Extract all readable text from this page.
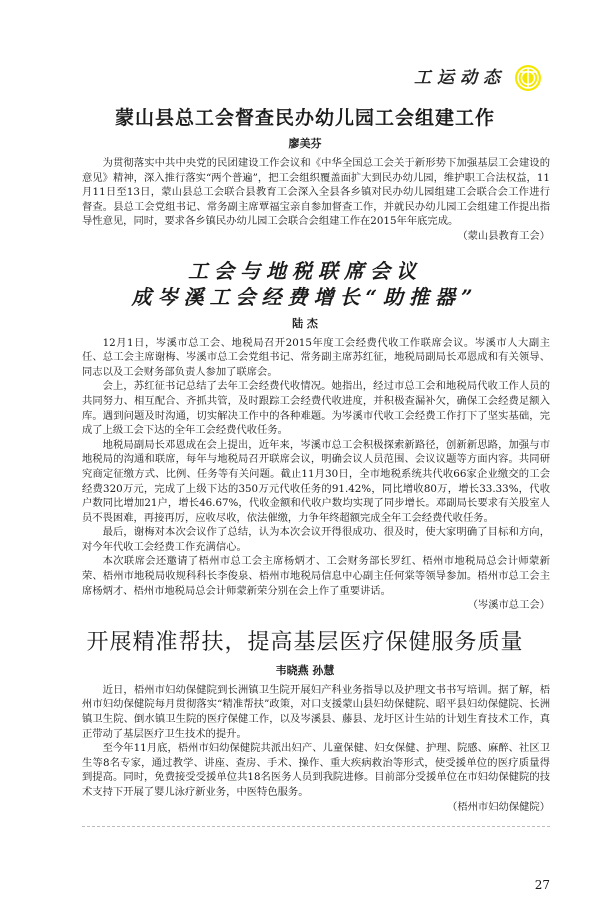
工运动态
蒙山县总工会督查民办幼儿园工会组建工作
廖美芬

为贯彻落实中共中央党的民团建设工作会议和《中华全国总工会关于新形势下加强基层工会建设的意见》精神，深入推行落实“两个普遍”，把工会组织覆盖面扩大到民办幼儿园，维护职工合法权益，11月11日至13日，蒙山县总工会联合县教育工会深入全县各乡镇对民办幼儿园组建工会联合会工作进行督查。县总工会党组书记、常务副主席覃福宝亲自参加督查工作，并就民办幼儿园工会组建工作提出指导性意见，同时，要求各乡镇民办幼儿园工会联合会组建工作在2015年年底完成。

（蒙山县教育工会）
工会与地税联席会议
成岑溪工会经费增长“助推器”
陆 杰

12月1日，岑溪市总工会、地税局召开2015年度工会经费代收工作联席会议。岑溪市人大副主任、总工会主席谢梅、岑溪市总工会党组书记、常务副主席苏红征，地税局副局长邓恩成和有关领导、同志以及工会财务部负责人参加了联席会。

会上，苏红征书记总结了去年工会经费代收情况。她指出，经过市总工会和地税局代收工作人员的共同努力、相互配合、齐抓共管，及时跟踪工会经费代收进度，并积极查漏补欠，确保工会经费足额入库。遇到问题及时沟通，切实解决工作中的各种难题。为岑溪市代收工会经费工作打下了坚实基础，完成了上级工会下达的全年工会经费代收任务。

地税局副局长邓恩成在会上提出，近年来，岑溪市总工会积极探索新路径，创新新思路，加强与市地税局的沟通和联席，每年与地税局召开联席会议，明确会议人员范围、会议议题等方面内容。共同研究商定征缴方式、比例、任务等有关问题。截止11月30日，全市地税系统共代收66家企业缴交的工会经费320万元，完成了上级下达的350万元代收任务的91.42%，同比增收80万，增长33.33%，代收户数同比增加21户，增长46.67%，代收金额和代收户数均实现了同步增长。邓副局长要求有关股室人员不畏困难，再接再厉，应收尽收，依法催缴，力争年终超额完成全年工会经费代收任务。

最后，谢梅对本次会议作了总结，认为本次会议开得很成功、很及时，使大家明确了目标和方向，对今年代收工会经费工作充满信心。

本次联席会还邀请了梧州市总工会主席杨炳才、工会财务部长罗红、梧州市地税局总会计师蒙新荣、梧州市地税局收规科科长李俊泉、梧州市地税局信息中心副主任何棠等领导参加。梧州市总工会主席杨炳才、梧州市地税局总会计师蒙新荣分别在会上作了重要讲话。

（岑溪市总工会）
开展精准帮扶，提高基层医疗保健服务质量
韦晓燕 孙慧

近日，梧州市妇幼保健院到长洲镇卫生院开展妇产科业务指导以及护理文书书写培训。据了解，梧州市妇幼保健院每月贯彻落实“精准帮扶”政策，对口支援蒙山县妇幼保健院、昭平县妇幼保健院、长洲镇卫生院、倒水镇卫生院的医疗保健工作，以及岑溪县、藤县、龙圩区计生站的计划生育技术工作，真正带动了基层医疗卫生技术的提升。

至今年11月底，梧州市妇幼保健院共派出妇产、儿童保健、妇女保健、护理、院感、麻醉、社区卫生等8名专家，通过教学、讲座、查房、手术、操作、重大疾病救治等形式，使受援单位的医疗质量得到提高。同时，免费接受受援单位共18名医务人员到我院进修。目前部分受援单位在市妇幼保健院的技术支持下开展了婴儿泳疗新业务，中医特色服务。

（梧州市妇幼保健院）
27
